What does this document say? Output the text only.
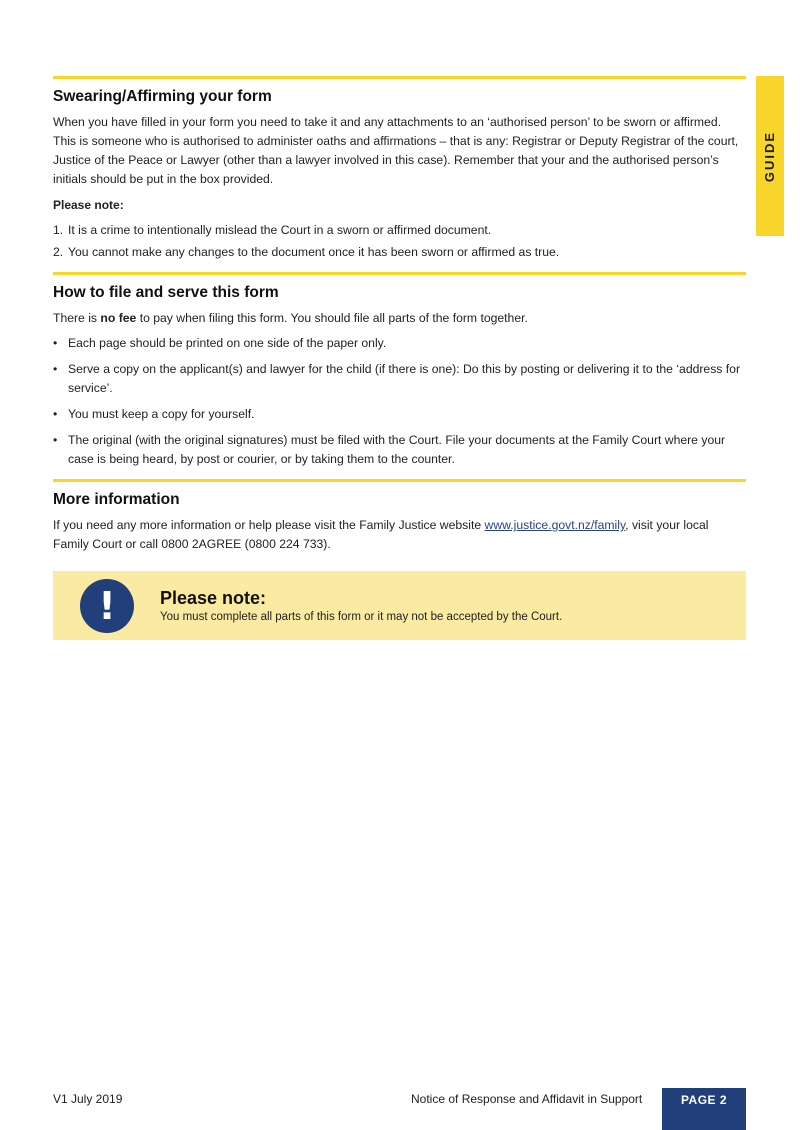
GUIDE
Swearing/Affirming your form

When you have filled in your form you need to take it and any attachments to an ‘authorised person’ to be sworn or affirmed. This is someone who is authorised to administer oaths and affirmations – that is any: Registrar or Deputy Registrar of the court, Justice of the Peace or Lawyer (other than a lawyer involved in this case). Remember that your and the authorised person’s initials should be put in the box provided.

Please note:

1. It is a crime to intentionally mislead the Court in a sworn or affirmed document.
2. You cannot make any changes to the document once it has been sworn or affirmed as true.
How to file and serve this form

There is no fee to pay when filing this form. You should file all parts of the form together.

• Each page should be printed on one side of the paper only.
• Serve a copy on the applicant(s) and lawyer for the child (if there is one): Do this by posting or delivering it to the ‘address for service’.
• You must keep a copy for yourself.
• The original (with the original signatures) must be filed with the Court. File your documents at the Family Court where your case is being heard, by post or courier, or by taking them to the counter.
More information

If you need any more information or help please visit the Family Justice website www.justice.govt.nz/family, visit your local Family Court or call 0800 2AGREE (0800 224 733).

! Please note:

You must complete all parts of this form or it may not be accepted by the Court.

V1 July 2019	Notice of Response and Affidavit in Support	PAGE 2
